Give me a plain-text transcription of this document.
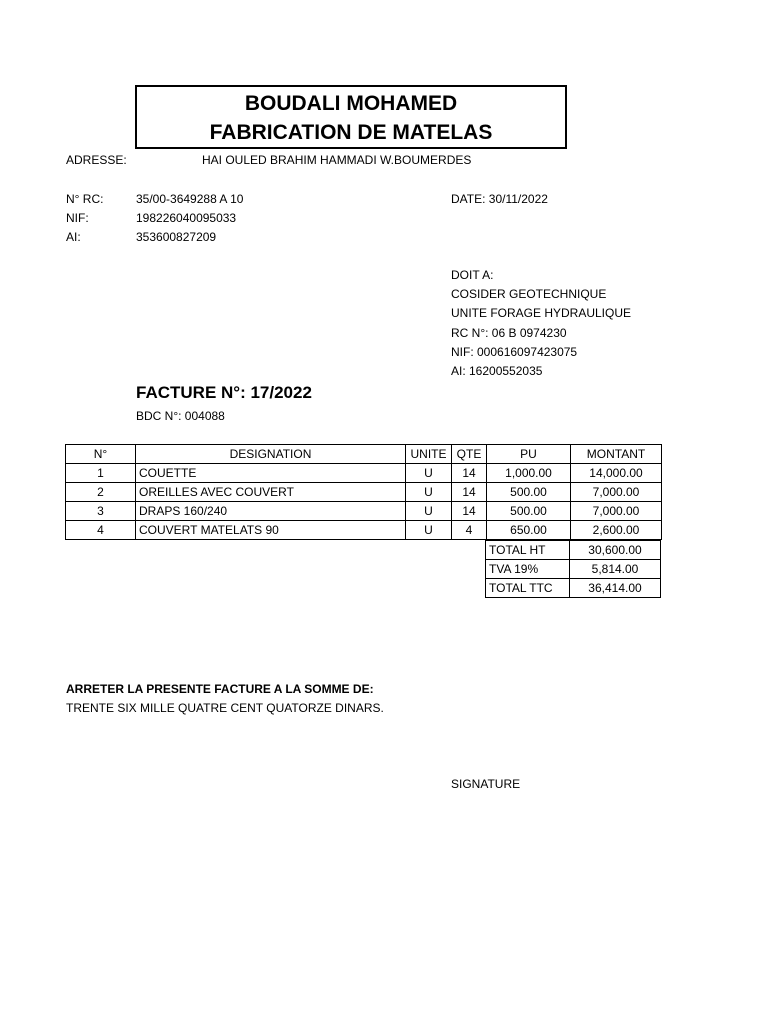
BOUDALI MOHAMED
FABRICATION DE MATELAS
ADRESSE:	HAI OULED BRAHIM HAMMADI W.BOUMERDES
N° RC:	35/00-3649288 A 10	DATE: 30/11/2022
NIF:	198226040095033
AI:	353600827209
DOIT A:
COSIDER GEOTECHNIQUE
UNITE FORAGE HYDRAULIQUE
RC N°: 06 B 0974230
NIF: 000616097423075
AI: 16200552035
FACTURE N°: 17/2022
BDC N°: 004088
N°	DESIGNATION	UNITE	QTE	PU	MONTANT
1	COUETTE	U	14	1,000.00	14,000.00
2	OREILLES AVEC COUVERT	U	14	500.00	7,000.00
3	DRAPS 160/240	U	14	500.00	7,000.00
4	COUVERT MATELATS 90	U	4	650.00	2,600.00
TOTAL HT	30,600.00
TVA 19%	5,814.00
TOTAL TTC	36,414.00
ARRETER LA PRESENTE FACTURE A LA SOMME DE:
TRENTE SIX MILLE QUATRE CENT QUATORZE DINARS.
SIGNATURE
